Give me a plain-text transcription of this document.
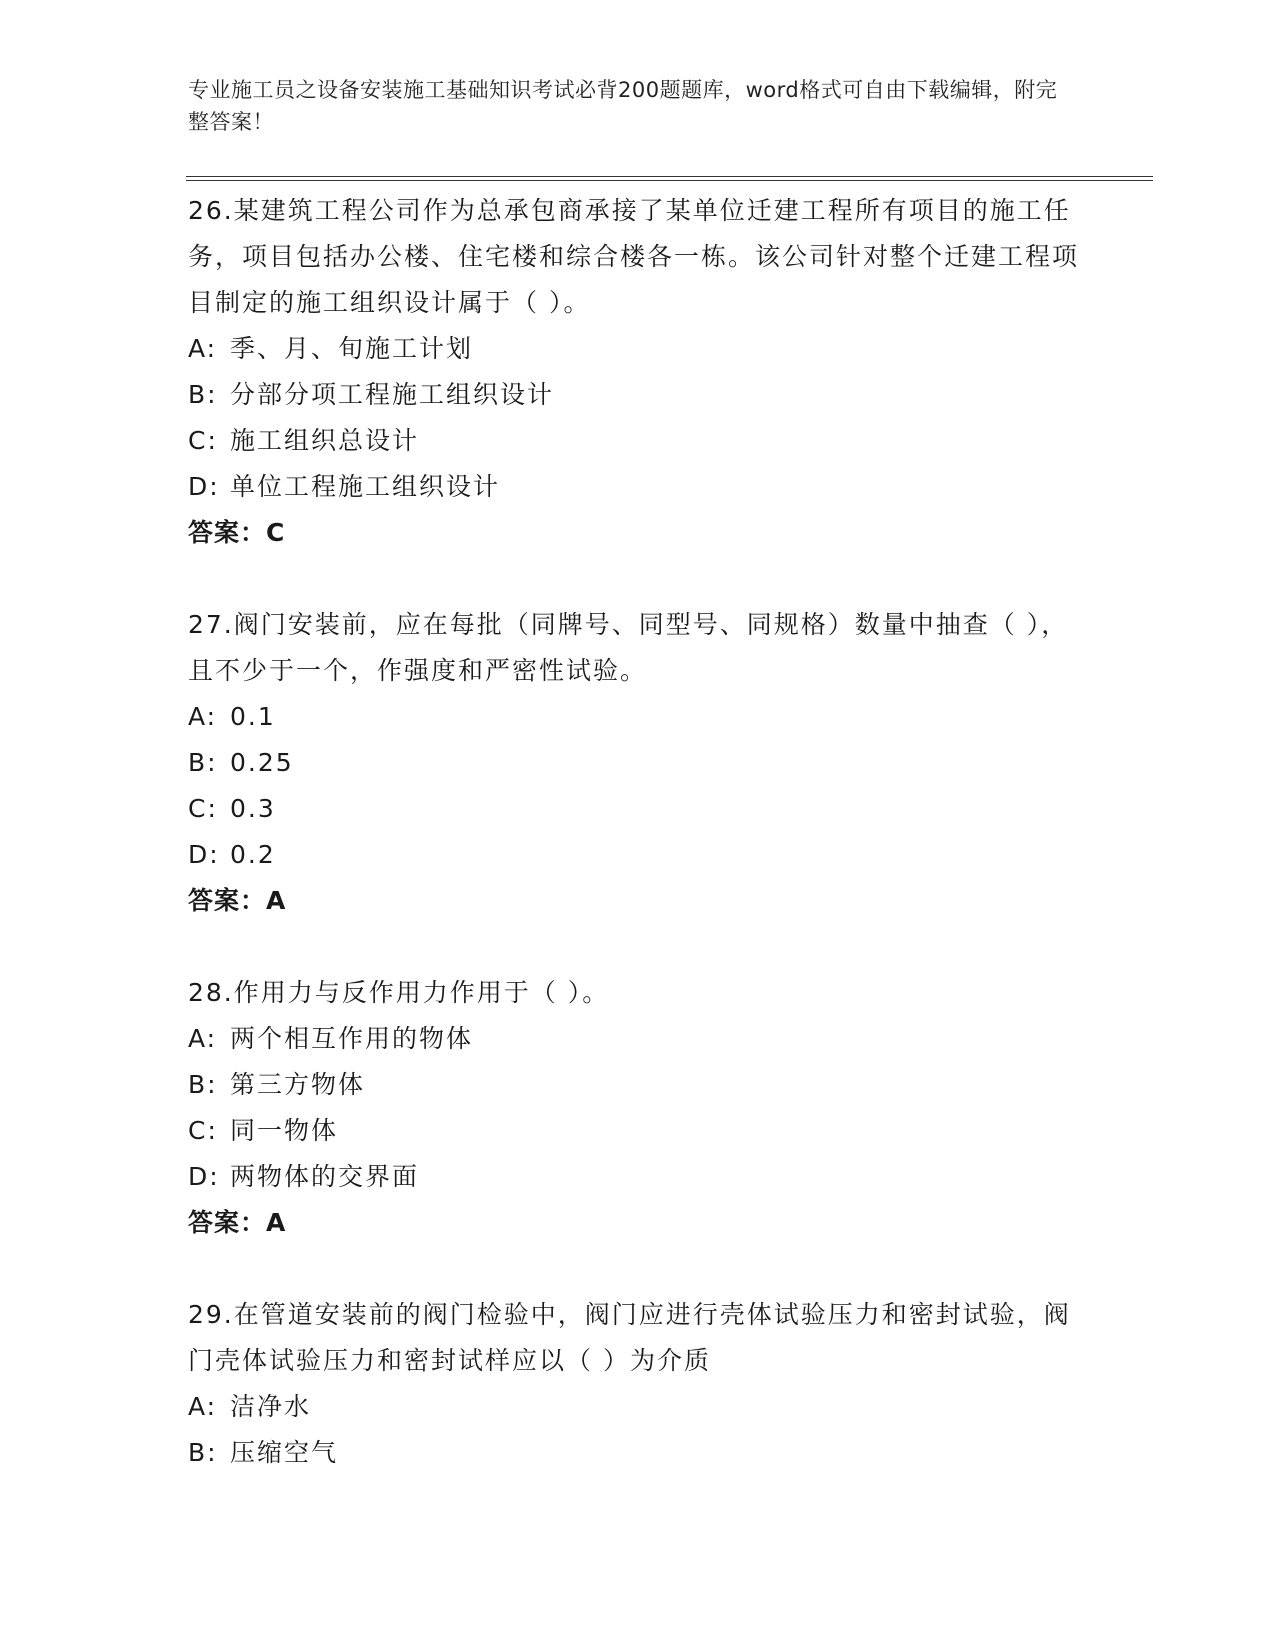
专业施工员之设备安装施工基础知识考试必背200题题库，word格式可自由下载编辑，附完整答案！

26.某建筑工程公司作为总承包商承接了某单位迁建工程所有项目的施工任务，项目包括办公楼、住宅楼和综合楼各一栋。该公司针对整个迁建工程项目制定的施工组织设计属于（ ）。

A: 季、月、旬施工计划
B: 分部分项工程施工组织设计
C: 施工组织总设计
D: 单位工程施工组织设计
答案：C

27.阀门安装前，应在每批（同牌号、同型号、同规格）数量中抽查（ ），且不少于一个，作强度和严密性试验。

A: 0.1
B: 0.25
C: 0.3
D: 0.2
答案：A

28.作用力与反作用力作用于（ ）。

A: 两个相互作用的物体
B: 第三方物体
C: 同一物体
D: 两物体的交界面
答案：A

29.在管道安装前的阀门检验中，阀门应进行壳体试验压力和密封试验，阀门壳体试验压力和密封试样应以（ ）为介质

A: 洁净水
B: 压缩空气
